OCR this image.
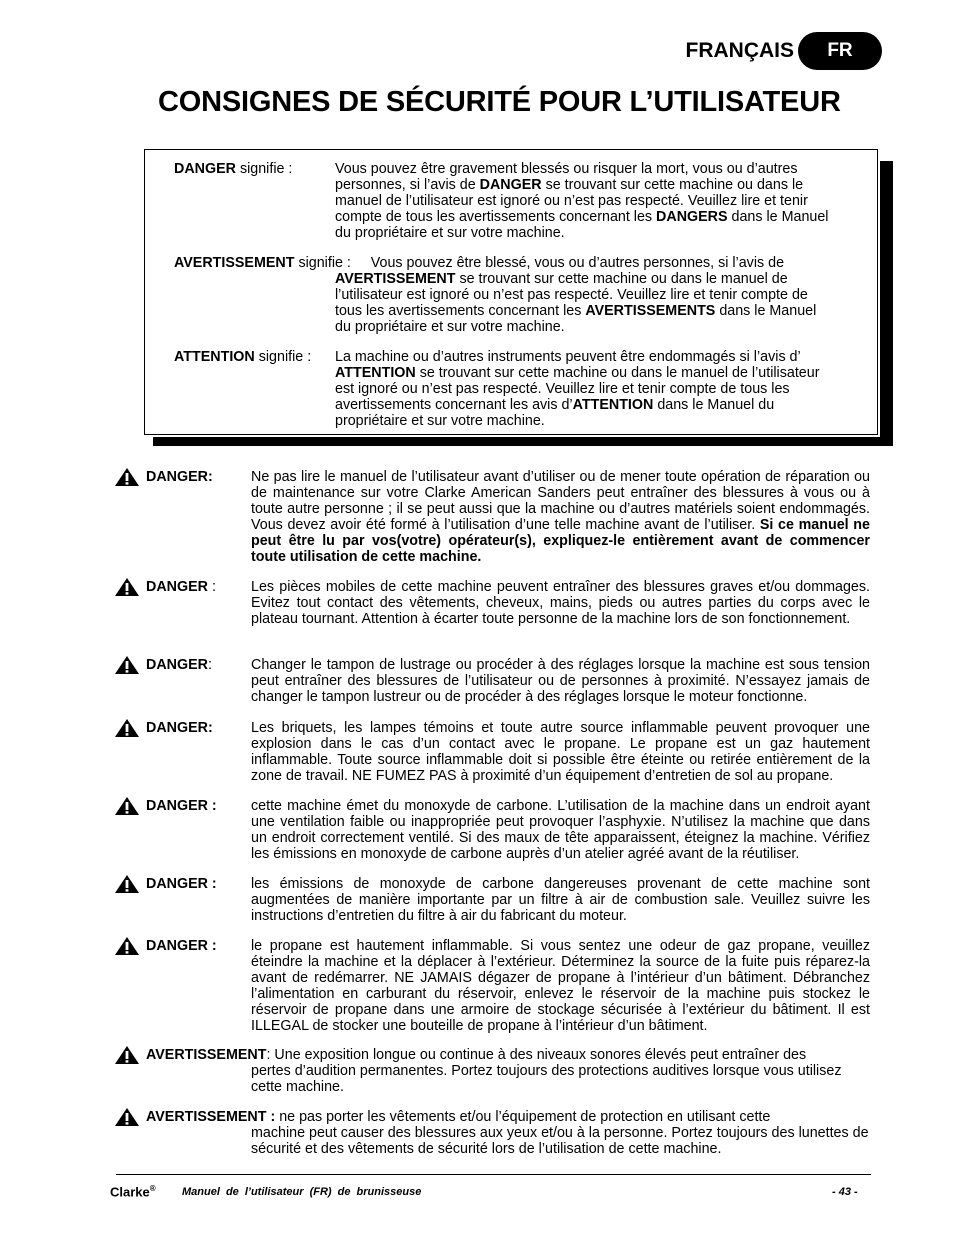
FRANÇAIS	FR
CONSIGNES DE SÉCURITÉ POUR L’UTILISATEUR
DANGER signifie :	Vous pouvez être gravement blessés ou risquer la mort, vous ou d’autres
personnes, si l’avis de DANGER se trouvant sur cette machine ou dans le
manuel de l’utilisateur est ignoré ou n’est pas respecté. Veuillez lire et tenir
compte de tous les avertissements concernant les DANGERS dans le Manuel
du propriétaire et sur votre machine.
AVERTISSEMENT signifie :     Vous pouvez être blessé, vous ou d’autres personnes, si l’avis de
AVERTISSEMENT se trouvant sur cette machine ou dans le manuel de
l’utilisateur est ignoré ou n’est pas respecté. Veuillez lire et tenir compte de
tous les avertissements concernant les AVERTISSEMENTS dans le Manuel
du propriétaire et sur votre machine.
ATTENTION signifie : La machine ou d’autres instruments peuvent être endommagés si l’avis d’
ATTENTION se trouvant sur cette machine ou dans le manuel de l’utilisateur
est ignoré ou n’est pas respecté. Veuillez lire et tenir compte de tous les
avertissements concernant les avis d’ATTENTION dans le Manuel du
propriétaire et sur votre machine.
DANGER:	Ne pas lire le manuel de l’utilisateur avant d’utiliser ou de mener toute opération de réparation ou de maintenance sur votre Clarke American Sanders peut entraîner des blessures à vous ou à toute autre personne ; il se peut aussi que la machine ou d’autres matériels soient endommagés. Vous devez avoir été formé à l’utilisation d’une telle machine avant de l’utiliser. Si ce manuel ne peut être lu par vos(votre) opérateur(s), expliquez-le entièrement avant de commencer toute utilisation de cette machine.
DANGER : Les pièces mobiles de cette machine peuvent entraîner des blessures graves et/ou dommages. Evitez tout contact des vêtements, cheveux, mains, pieds ou autres parties du corps avec le plateau tournant. Attention à écarter toute personne de la machine lors de son fonctionnement.
DANGER:	Changer le tampon de lustrage ou procéder à des réglages lorsque la machine est sous tension peut entraîner des blessures de l’utilisateur ou de personnes à proximité. N’essayez jamais de changer le tampon lustreur ou de procéder à des réglages lorsque le moteur fonctionne.
DANGER:	Les briquets, les lampes témoins et toute autre source inflammable peuvent provoquer une explosion dans le cas d’un contact avec le propane. Le propane est un gaz hautement inflammable. Toute source inflammable doit si possible être éteinte ou retirée entièrement de la zone de travail. NE FUMEZ PAS à proximité d’un équipement d’entretien de sol au propane.
DANGER : cette machine émet du monoxyde de carbone. L’utilisation de la machine dans un endroit ayant une ventilation faible ou inappropriée peut provoquer l’asphyxie. N’utilisez la machine que dans un endroit correctement ventilé. Si des maux de tête apparaissent, éteignez la machine. Vérifiez les émissions en monoxyde de carbone auprès d’un atelier agréé avant de la réutiliser.
DANGER : les émissions de monoxyde de carbone dangereuses provenant de cette machine sont augmentées de manière importante par un filtre à air de combustion sale. Veuillez suivre les instructions d’entretien du filtre à air du fabricant du moteur.
DANGER : le propane est hautement inflammable. Si vous sentez une odeur de gaz propane, veuillez éteindre la machine et la déplacer à l’extérieur. Déterminez la source de la fuite puis réparez-la avant de redémarrer. NE JAMAIS dégazer de propane à l’intérieur d’un bâtiment. Débranchez l’alimentation en carburant du réservoir, enlevez le réservoir de la machine puis stockez le réservoir de propane dans une armoire de stockage sécurisée à l’extérieur du bâtiment. Il est ILLEGAL de stocker une bouteille de propane à l’intérieur d’un bâtiment.
AVERTISSEMENT: Une exposition longue ou continue à des niveaux sonores élevés peut entraîner des
pertes d’audition permanentes. Portez toujours des protections auditives lorsque vous utilisez cette machine.
AVERTISSEMENT : ne pas porter les vêtements et/ou l’équipement de protection en utilisant cette
machine peut causer des blessures aux yeux et/ou à la personne. Portez toujours des lunettes de sécurité et des vêtements de sécurité lors de l’utilisation de cette machine.
Clarke® Manuel de l’utilisateur (FR) de brunisseuse	- 43 -
